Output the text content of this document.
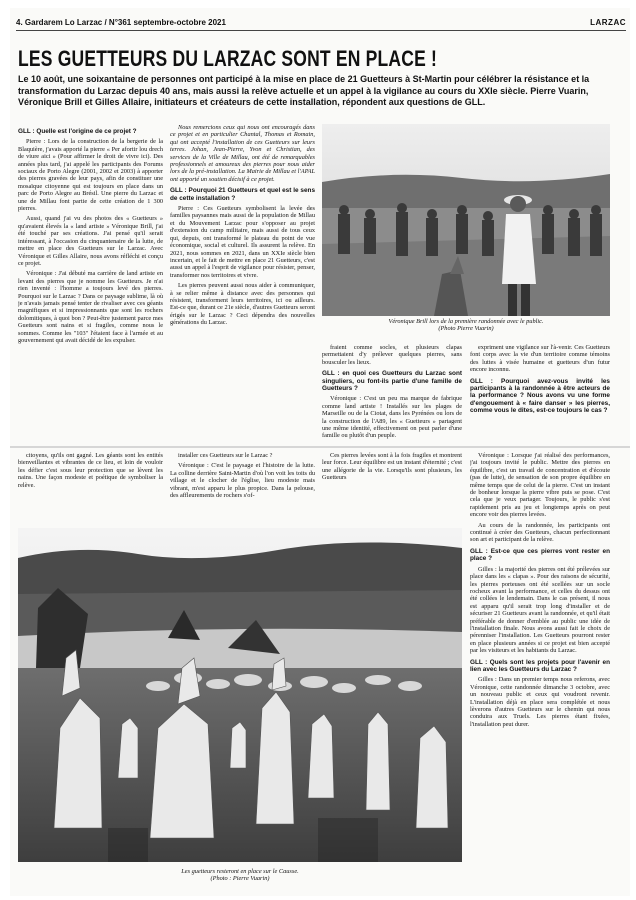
4. Gardarem Lo Larzac / N°361 septembre-octobre 2021	LARZAC
LES GUETTEURS DU LARZAC SONT EN PLACE !

Le 10 août, une soixantaine de personnes ont participé à la mise en place de 21 Guetteurs à St-Martin pour célébrer la résistance et la transformation du Larzac depuis 40 ans, mais aussi la relève actuelle et un appel à la vigilance au cours du XXIe siècle. Pierre Vuarin, Véronique Brill et Gilles Allaire, initiateurs et créateurs de cette installation, répondent aux questions de GLL.

GLL : Quelle est l'origine de ce projet ?

Pierre : Lors de la construction de la bergerie de la Blaquière, j'avais apporté la pierre « Per afortir lou drech de viure aici » (Pour affirmer le droit de vivre ici). Des années plus tard, j'ai appelé les participants des Forums sociaux de Porto Alegre (2001, 2002 et 2003) à apporter des pierres gravées de leur pays, afin de constituer une mosaïque citoyenne qui est toujours en place dans un parc de Porto Alegre au Brésil. Une pierre du Larzac et une de Millau font partie de cette création de 1 300 pierres.

Aussi, quand j'ai vu des photos des « Guetteurs » qu'avaient élevés la « land artiste » Véronique Brill, j'ai été touché par ses créations. J'ai pensé qu'il serait intéressant, à l'occasion du cinquantenaire de la lutte, de mettre en place des Guetteurs sur le Larzac. Avec Véronique et Gilles Allaire, nous avons réfléchi et conçu ce projet.

Véronique : J'ai débuté ma carrière de land artiste en levant des pierres que je nomme les Guetteurs. Je n'ai rien inventé : l'homme a toujours levé des pierres. Pourquoi sur le Larzac ? Dans ce paysage sublime, là où je n'avais jamais pensé tenter de rivaliser avec ces géants magnifiques et si impressionnants que sont les rochers dolomitiques, à quoi bon ? Peut-être justement parce mes Guetteurs sont nains et si fragiles, comme nous le sommes. Comme les "103" l'étaient face à l'armée et au gouvernement qui avait décidé de les expulser.

Nous remercions ceux qui nous ont encouragés dans ce projet et en particulier Chantal, Thomas et Romain, qui ont accepté l'installation de ces Guetteurs sur leurs terres. Johan, Jean-Pierre, Yvon et Christian, des services de la Ville de Millau, ont été de remarquables professionnels et amoureux des pierres pour nous aider lors de la pré-installation. La Mairie de Millau et l'APAL ont apporté un soutien décisif à ce projet.

GLL : Pourquoi 21 Guetteurs et quel est le sens de cette installation ?

Pierre : Ces Guetteurs symbolisent la levée des familles paysannes mais aussi de la population de Millau et du Mouvement Larzac pour s'opposer au projet d'extension du camp militaire, mais aussi de tous ceux qui, depuis, ont transformé le plateau du point de vue économique, social et culturel. Ils assurent la relève. En 2021, nous sommes en 2021, dans un XXIe siècle bien incertain, et le fait de mettre en place 21 Guetteurs, c'est aussi un appel à l'esprit de vigilance pour résister, penser, transformer nos territoires et vivre.

Les pierres peuvent aussi nous aider à communiquer, à se relier même à distance avec des personnes qui résistent, transforment leurs territoires, ici ou ailleurs. Est-ce que, durant ce 21e siècle, d'autres Guetteurs seront érigés sur le Larzac ? Ceci dépendra des nouvelles générations du Larzac.	Véronique Brill lors de la première randonnée avec le public.
(Photo Pierre Vuarin)

fraient comme socles, et plusieurs clapas permettaient d'y prélever quelques pierres, sans bousculer les lieux.

GLL : en quoi ces Guetteurs du Larzac sont singuliers, ou font-ils partie d'une famille de Guetteurs ?

Véronique : C'est un peu ma marque de fabrique comme land artiste ! Installés sur les plages de Marseille ou de la Ciotat, dans les Pyrénées ou lors de la construction de l'A89, les « Guetteurs » partagent une même identité, effectivement on peut parler d'une famille ou plutôt d'un peuple.

expriment une vigilance sur l'à-venir. Ces Guetteurs font corps avec la vie d'un territoire comme témoins des luttes à visée humaine et guetteurs d'un futur encore inconnu.

GLL : Pourquoi avez-vous invité les participants à la randonnée à être acteurs de la performance ? Nous avons vu une forme d'engouement à « faire danser » les pierres, comme vous le dites, est-ce toujours le cas ?

citoyens, qu'ils ont gagné. Les géants sont les entités bienveillantes et vibrantes de ce lieu, et loin de vouloir les défier c'est sous leur protection que se lèvent les nains. Une façon modeste et poétique de symboliser la relève.

installer ces Guetteurs sur le Larzac ?

Véronique : C'est le paysage et l'histoire de la lutte. La colline derrière Saint-Martin d'où l'on voit les toits du village et le clocher de l'église, lieu modeste mais vibrant, m'est apparu le plus propice. Dans la pelouse, des affleurements de rochers s'of-

Ces pierres levées sont à la fois fragiles et montrent leur force. Leur équilibre est un instant d'éternité ; c'est une allégorie de la vie. Lorsqu'ils sont plusieurs, les Guetteurs

Véronique : Lorsque j'ai réalisé des performances, j'ai toujours invité le public. Mettre des pierres en équilibre, c'est un travail de concentration et d'écoute (pas de lutte), de sensation de son propre équilibre en même temps que de celui de la pierre. C'est un instant de bonheur lorsque la pierre vibre puis se pose. C'est cela que je veux partager. Toujours, le public s'est rapidement pris au jeu et longtemps après on peut encore voir des pierres levées.

Au cours de la randonnée, les participants ont continué à créer des Guetteurs, chacun perfectionnant son art et participant de la relève.

GLL : Est-ce que ces pierres vont rester en place ?

Gilles : la majorité des pierres ont été prélevées sur place dans les « clapas ». Pour des raisons de sécurité, les pierres porteuses ont été scellées sur un socle rocheux avant la performance, et celles du dessus ont été collées le lendemain. Dans le cas présent, il nous est apparu qu'il serait trop long d'installer et de sécuriser 21 Guetteurs avant la randonnée, et qu'il était préférable de donner d'emblée au public une idée de l'installation finale. Nous avons aussi fait le choix de pérenniser l'installation. Les Guetteurs pourront rester en place plusieurs années si ce projet est bien accepté par les visiteurs et les habitants du Larzac.

GLL : Quels sont les projets pour l'avenir en lien avec les Guetteurs du Larzac ?

Gilles : Dans un premier temps nous referons, avec Véronique, cette randonnée dimanche 3 octobre, avec un nouveau public et ceux qui voudront revenir. L'installation déjà en place sera complétée et nous lèverons d'autres Guetteurs sur le chemin qui nous conduira aux Truels. Les pierres étant fixées, l'installation peut durer.

Les guetteurs resteront en place sur le Causse.
(Photo : Pierre Vuarin)
